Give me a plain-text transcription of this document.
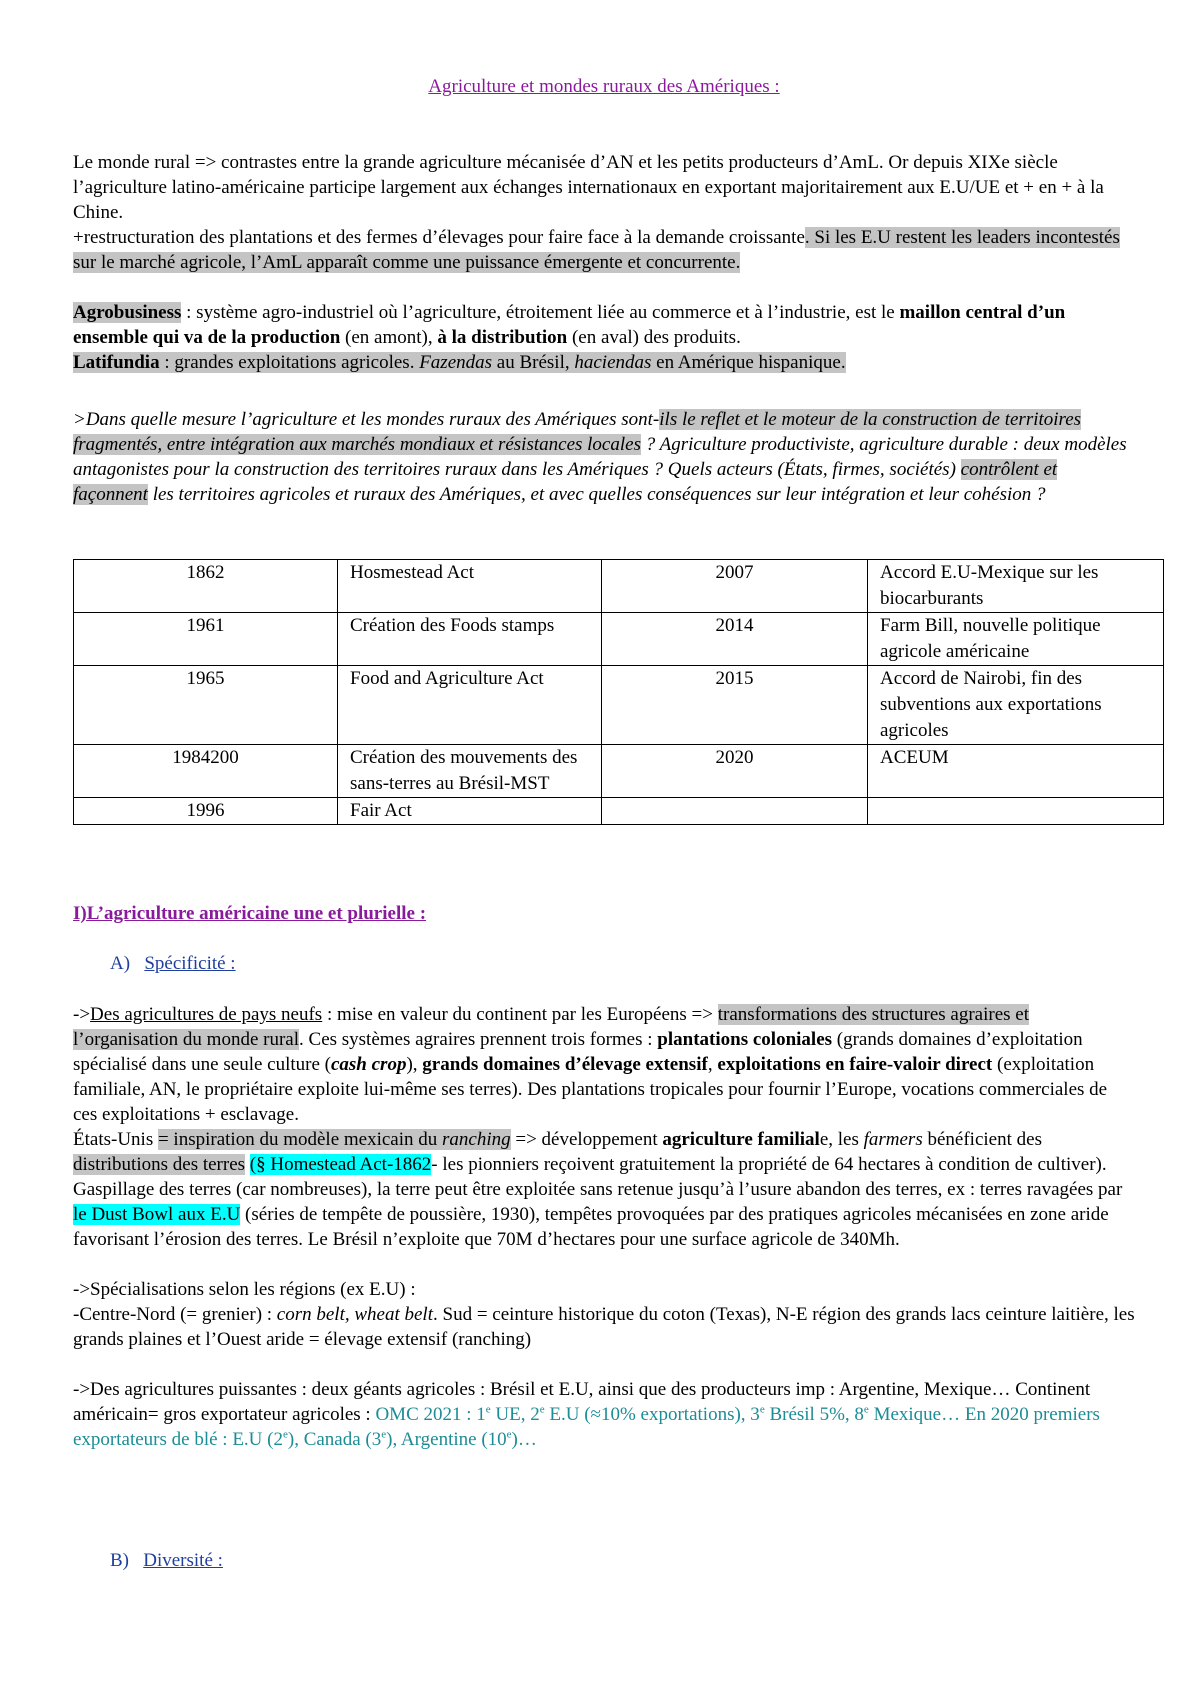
Agriculture et mondes ruraux des Amériques :

Le monde rural => contrastes entre la grande agriculture mécanisée d’AN et les petits producteurs d’AmL. Or depuis XIXe siècle l’agriculture latino-américaine participe largement aux échanges internationaux en exportant majoritairement aux E.U/UE et + en + à la Chine.
+restructuration des plantations et des fermes d’élevages pour faire face à la demande croissante. Si les E.U restent les leaders incontestés sur le marché agricole, l’AmL apparaît comme une puissance émergente et concurrente.

Agrobusiness : système agro-industriel où l’agriculture, étroitement liée au commerce et à l’industrie, est le maillon central d’un ensemble qui va de la production (en amont), à la distribution (en aval) des produits.

Latifundia : grandes exploitations agricoles. Fazendas au Brésil, haciendas en Amérique hispanique.

>Dans quelle mesure l’agriculture et les mondes ruraux des Amériques sont-ils le reflet et le moteur de la construction de territoires fragmentés, entre intégration aux marchés mondiaux et résistances locales ? Agriculture productiviste, agriculture durable : deux modèles antagonistes pour la construction des territoires ruraux dans les Amériques ? Quels acteurs (États, firmes, sociétés) contrôlent et façonnent les territoires agricoles et ruraux des Amériques, et avec quelles conséquences sur leur intégration et leur cohésion ?

1862	Hosmestead Act	2007	Accord E.U-Mexique sur les biocarburants
1961	Création des Foods stamps	2014	Farm Bill, nouvelle politique agricole américaine
1965	Food and Agriculture Act	2015	Accord de Nairobi, fin des subventions aux exportations agricoles
1984200	Création des mouvements des sans-terres au Brésil-MST	2020	ACEUM
1996	Fair Act		

I)L’agriculture américaine une et plurielle :

A) Spécificité :

->Des agricultures de pays neufs : mise en valeur du continent par les Européens => transformations des structures agraires et l’organisation du monde rural. Ces systèmes agraires prennent trois formes : plantations coloniales (grands domaines d’exploitation spécialisé dans une seule culture (cash crop), grands domaines d’élevage extensif, exploitations en faire-valoir direct (exploitation familiale, AN, le propriétaire exploite lui-même ses terres). Des plantations tropicales pour fournir l’Europe, vocations commerciales de ces exploitations + esclavage.

États-Unis = inspiration du modèle mexicain du ranching => développement agriculture familiale, les farmers bénéficient des distributions des terres (§ Homestead Act-1862- les pionniers reçoivent gratuitement la propriété de 64 hectares à condition de cultiver).

Gaspillage des terres (car nombreuses), la terre peut être exploitée sans retenue jusqu’à l’usure abandon des terres, ex : terres ravagées par le Dust Bowl aux E.U (séries de tempête de poussière, 1930), tempêtes provoquées par des pratiques agricoles mécanisées en zone aride favorisant l’érosion des terres. Le Brésil n’exploite que 70M d’hectares pour une surface agricole de 340Mh.

->Spécialisations selon les régions (ex E.U) :
-Centre-Nord (= grenier) : corn belt, wheat belt. Sud = ceinture historique du coton (Texas), N-E région des grands lacs ceinture laitière, les grands plaines et l’Ouest aride = élevage extensif (ranching)

->Des agricultures puissantes : deux géants agricoles : Brésil et E.U, ainsi que des producteurs imp : Argentine, Mexique… Continent américain= gros exportateur agricoles : OMC 2021 : 1e UE, 2e E.U (≈10% exportations), 3e Brésil 5%, 8e Mexique… En 2020 premiers exportateurs de blé : E.U (2e), Canada (3e), Argentine (10e)…

B) Diversité :
